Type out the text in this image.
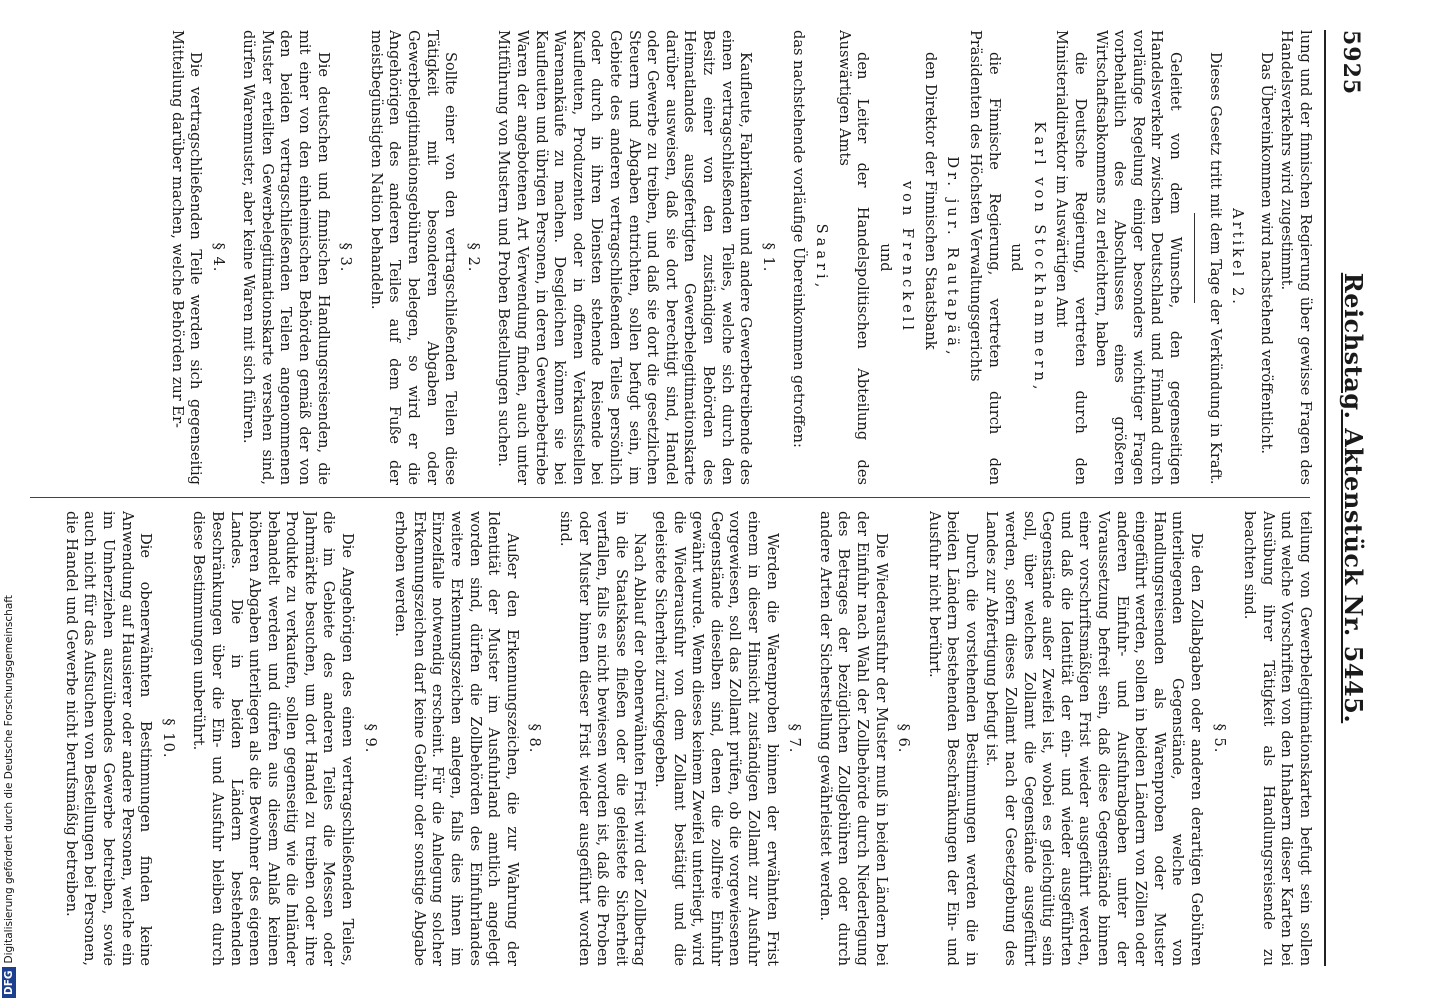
5925
Reichstag. Aktenstück Nr. 5445.

lung und der finnischen Regierung über gewisse Fragen des Handelsverkehrs wird zugestimmt.

Das Übereinkommen wird nachstehend veröffentlicht.

Artikel 2.

Dieses Gesetz tritt mit dem Tage der Verkündung in Kraft.

Geleitet von dem Wunsche, den gegenseitigen Handelsverkehr zwischen Deutschland und Finnland durch vorläufige Regelung einiger besonders wichtiger Fragen vorbehaltlich des Abschlusses eines größeren Wirtschaftsabkommens zu erleichtern, haben

die Deutsche Regierung, vertreten durch den Ministerialdirektor im Auswärtigen Amt

Karl von Stockhammern,
und

die Finnische Regierung, vertreten durch den Präsidenten des Höchsten Verwaltungsgerichts

Dr. jur. Rautapää,

den Direktor der Finnischen Staatsbank

von Frenckell
und

den Leiter der Handelspolitischen Abteilung des Auswärtigen Amts

Saari,

das nachstehende vorläufige Übereinkommen getroffen:

§ 1.

Kaufleute, Fabrikanten und andere Gewerbetreibende des einen vertragschließenden Teiles, welche sich durch den Besitz einer von den zuständigen Behörden des Heimatlandes ausgefertigten Gewerbelegitimationskarte darüber ausweisen, daß sie dort berechtigt sind, Handel oder Gewerbe zu treiben, und daß sie dort die gesetzlichen Steuern und Abgaben entrichten, sollen befugt sein, im Gebiete des anderen vertragschließenden Teiles persönlich oder durch in ihren Diensten stehende Reisende bei Kaufleuten, Produzenten oder in offenen Verkaufsstellen Warenankäufe zu machen. Desgleichen können sie bei Kaufleuten und übrigen Personen, in deren Gewerbebetriebe Waren der angebotenen Art Verwendung finden, auch unter Mitführung von Mustern und Proben Bestellungen suchen.

§ 2.

Sollte einer von den vertragschließenden Teilen diese Tätigkeit mit besonderen Abgaben oder Gewerbelegitimationsgebühren belegen, so wird er die Angehörigen des anderen Teiles auf dem Fuße der meistbegünstigten Nation behandeln.

§ 3.

Die deutschen und finnischen Handlungsreisenden, die mit einer von den einheimischen Behörden gemäß der von den beiden vertragschließenden Teilen angenommenen Muster erteilten Gewerbelegitimationskarte versehen sind, dürfen Warenmuster, aber keine Waren mit sich führen.

§ 4.

Die vertragschließenden Teile werden sich gegenseitig Mitteilung darüber machen, welche Behörden zur Er-

teilung von Gewerbelegitimationskarten befugt sein sollen und welche Vorschriften von den Inhabern dieser Karten bei Ausübung ihrer Tätigkeit als Handlungsreisende zu beachten sind.

§ 5.

Die den Zollabgaben oder anderen derartigen Gebühren unterliegenden Gegenstände, welche von Handlungsreisenden als Warenproben oder Muster eingeführt werden, sollen in beiden Ländern von Zöllen oder anderen Einfuhr- und Ausfuhrabgaben unter der Voraussetzung befreit sein, daß diese Gegenstände binnen einer vorschriftsmäßigen Frist wieder ausgeführt werden, und daß die Identität der ein- und wieder ausgeführten Gegenstände außer Zweifel ist, wobei es gleichgültig sein soll, über welches Zollamt die Gegenstände ausgeführt werden, sofern dieses Zollamt nach der Gesetzgebung des Landes zur Abfertigung befugt ist.

Durch die vorstehenden Bestimmungen werden die in beiden Ländern bestehenden Beschränkungen der Ein- und Ausfuhr nicht berührt.

§ 6.

Die Wiederausfuhr der Muster muß in beiden Ländern bei der Einfuhr nach Wahl der Zollbehörde durch Niederlegung des Betrages der bezüglichen Zollgebühren oder durch andere Arten der Sicherstellung gewährleistet werden.

§ 7.

Werden die Warenproben binnen der erwähnten Frist einem in dieser Hinsicht zuständigen Zollamt zur Ausfuhr vorgewiesen, soll das Zollamt prüfen, ob die vorgewiesenen Gegenstände dieselben sind, denen die zollfreie Einfuhr gewährt wurde. Wenn dieses keinem Zweifel unterliegt, wird die Wiederausfuhr von dem Zollamt bestätigt und die geleistete Sicherheit zurückgegeben.

Nach Ablauf der obenerwähnten Frist wird der Zollbetrag in die Staatskasse fließen oder die geleistete Sicherheit verfallen, falls es nicht bewiesen worden ist, daß die Proben oder Muster binnen dieser Frist wieder ausgeführt worden sind.

§ 8.

Außer den Erkennungszeichen, die zur Wahrung der Identität der Muster im Ausfuhrland amtlich angelegt worden sind, dürfen die Zollbehörden des Einfuhrlandes weitere Erkennungszeichen anlegen, falls dies ihnen im Einzelfalle notwendig erscheint. Für die Anlegung solcher Erkennungszeichen darf keine Gebühr oder sonstige Abgabe erhoben werden.

§ 9.

Die Angehörigen des einen vertragschließenden Teiles, die im Gebiete des anderen Teiles die Messen oder Jahrmärkte besuchen, um dort Handel zu treiben oder ihre Produkte zu verkaufen, sollen gegenseitig wie die Inländer behandelt werden und dürfen aus diesem Anlaß keinen höheren Abgaben unterliegen als die Bewohner des eigenen Landes. Die in beiden Ländern bestehenden Beschränkungen über die Ein- und Ausfuhr bleiben durch diese Bestimmungen unberührt.

§ 10.

Die obenerwähnten Bestimmungen finden keine Anwendung auf Hausierer oder andere Personen, welche ein im Umherziehen auszuübendes Gewerbe betreiben, sowie auch nicht für das Aufsuchen von Bestellungen bei Personen, die Handel und Gewerbe nicht berufsmäßig betreiben.

DFGDigitalisierung gefördert durch die Deutsche Forschungsgemeinschaft
